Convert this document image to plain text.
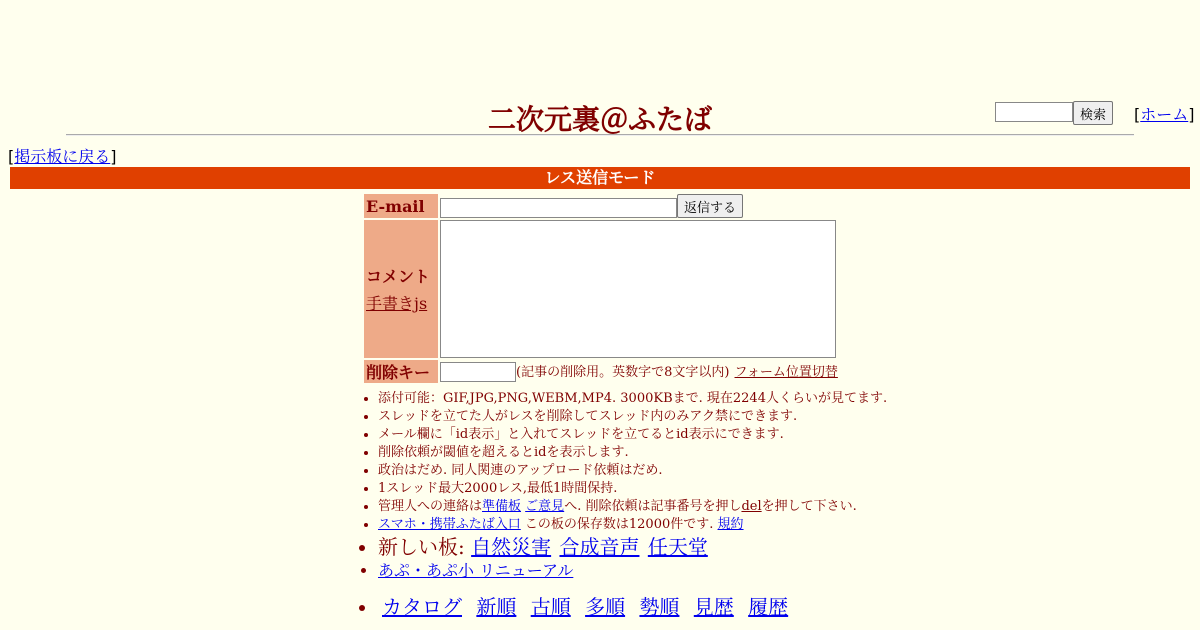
二次元裏＠ふたば	検索	[ホーム]
[掲示板に戻る]
レス送信モード
E-mail	返信する

コメント
手書きjs

削除キー	(記事の削除用。英数字で8文字以内) フォーム位置切替
• 添付可能：GIF,JPG,PNG,WEBM,MP4. 3000KBまで. 現在2244人くらいが見てます.
• スレッドを立てた人がレスを削除してスレッド内のみアク禁にできます.
• メール欄に「id表示」と入れてスレッドを立てるとid表示にできます.
• 削除依頼が閾値を超えるとidを表示します.
• 政治はだめ. 同人関連のアップロード依頼はだめ.
• 1スレッド最大2000レス,最低1時間保持.
• 管理人への連絡は準備板 ご意見へ. 削除依頼は記事番号を押しdelを押して下さい.
• スマホ・携帯ふたば入口 この板の保存数は12000件です. 規約
• 新しい板: 自然災害 合成音声 任天堂
• あぷ・あぷ小 リニューアル
• カタログ 新順 古順 多順 勢順 見歴 履歴
